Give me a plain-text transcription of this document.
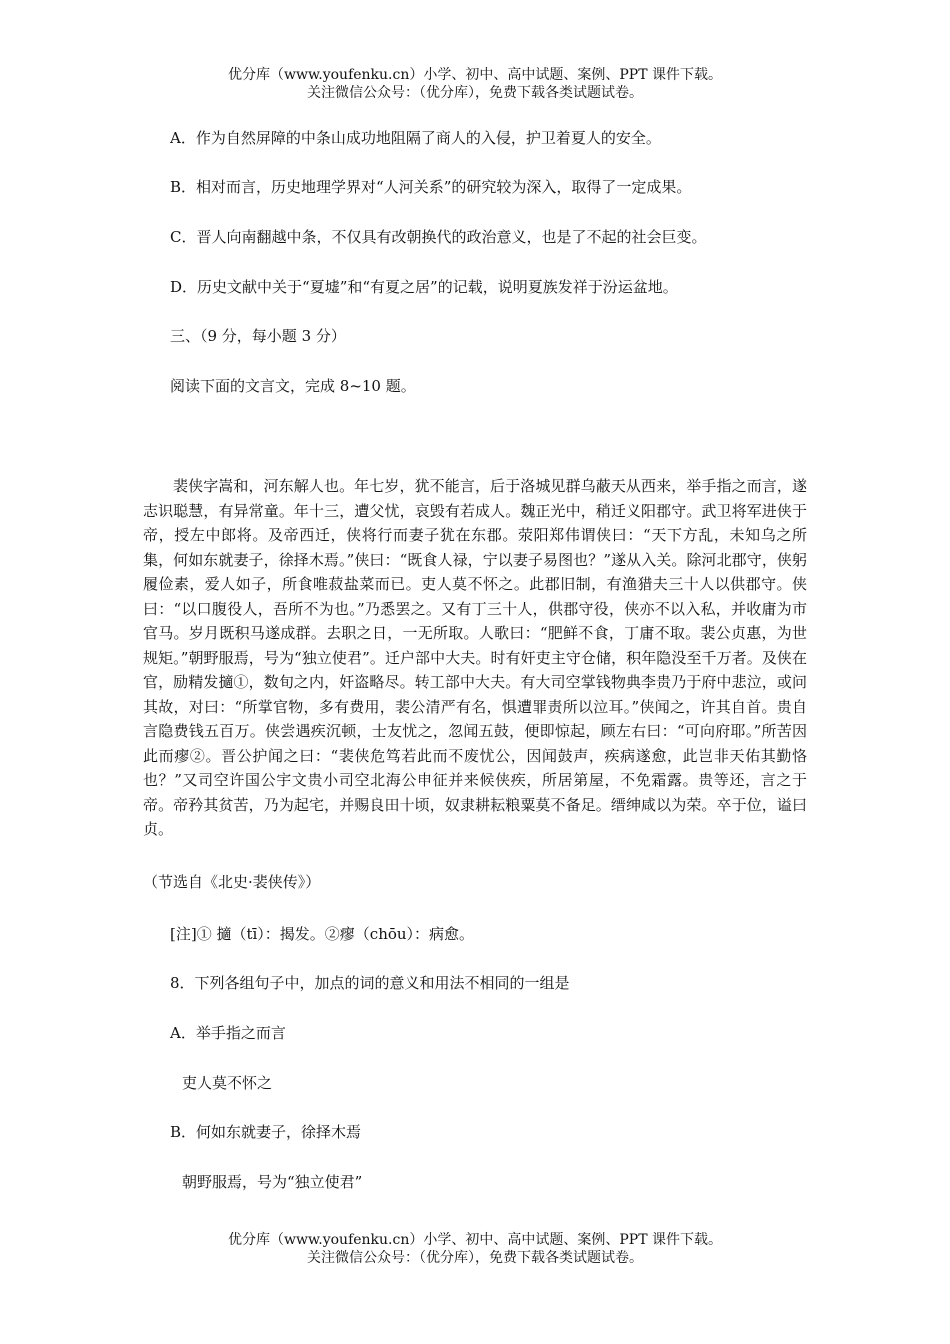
优分库（www.youfenku.cn）小学、初中、高中试题、案例、PPT 课件下载。
关注微信公众号：（优分库），免费下载各类试题试卷。
A．作为自然屏障的中条山成功地阻隔了商人的入侵，护卫着夏人的安全。
B．相对而言，历史地理学界对“人河关系”的研究较为深入，取得了一定成果。
C．晋人向南翻越中条，不仅具有改朝换代的政治意义，也是了不起的社会巨变。
D．历史文献中关于“夏墟”和“有夏之居”的记载，说明夏族发祥于汾运盆地。
三、（9 分，每小题 3 分）
阅读下面的文言文，完成 8~10 题。

裴侠字嵩和，河东解人也。年七岁，犹不能言，后于洛城见群乌蔽天从西来，举手指之而言，遂志识聪慧，有异常童。年十三，遭父忧，哀毁有若成人。魏正光中，稍迁义阳郡守。武卫将军进侠于帝，授左中郎将。及帝西迁，侠将行而妻子犹在东郡。荥阳郑伟谓侠曰：“天下方乱，未知乌之所集，何如东就妻子，徐择木焉。”侠曰：“既食人禄，宁以妻子易图也？”遂从入关。除河北郡守，侠躬履俭素，爱人如子，所食唯菽盐菜而已。吏人莫不怀之。此郡旧制，有渔猎夫三十人以供郡守。侠曰：“以口腹役人，吾所不为也。”乃悉罢之。又有丁三十人，供郡守役，侠亦不以入私，并收庸为市官马。岁月既积马遂成群。去职之日，一无所取。人歌曰：“肥鲜不食，丁庸不取。裴公贞惠，为世规矩。”朝野服焉，号为“独立使君”。迁户部中大夫。时有奸吏主守仓储，积年隐没至千万者。及侠在官，励精发擿①，数旬之内，奸盗略尽。转工部中大夫。有大司空掌钱物典李贵乃于府中悲泣，或问其故，对曰：“所掌官物，多有费用，裴公清严有名，惧遭罪责所以泣耳。”侠闻之，许其自首。贵自言隐费钱五百万。侠尝遇疾沉顿，士友忧之，忽闻五鼓，便即惊起，顾左右曰：“可向府耶。”所苦因此而瘳②。晋公护闻之曰：“裴侠危笃若此而不废忧公，因闻鼓声，疾病遂愈，此岂非天佑其勤恪也？”又司空许国公宇文贵小司空北海公申征并来候侠疾，所居第屋，不免霜露。贵等还，言之于帝。帝矜其贫苦，乃为起宅，并赐良田十顷，奴隶耕耘粮粟莫不备足。缙绅咸以为荣。卒于位，谥曰贞。

（节选自《北史·裴侠传》）
[注]① 擿（tī）：揭发。②瘳（chōu）：病愈。
8．下列各组句子中，加点的词的意义和用法不相同的一组是
A．举手指之而言
吏人莫不怀之
B．何如东就妻子，徐择木焉
朝野服焉，号为“独立使君”
优分库（www.youfenku.cn）小学、初中、高中试题、案例、PPT 课件下载。
关注微信公众号：（优分库），免费下载各类试题试卷。
